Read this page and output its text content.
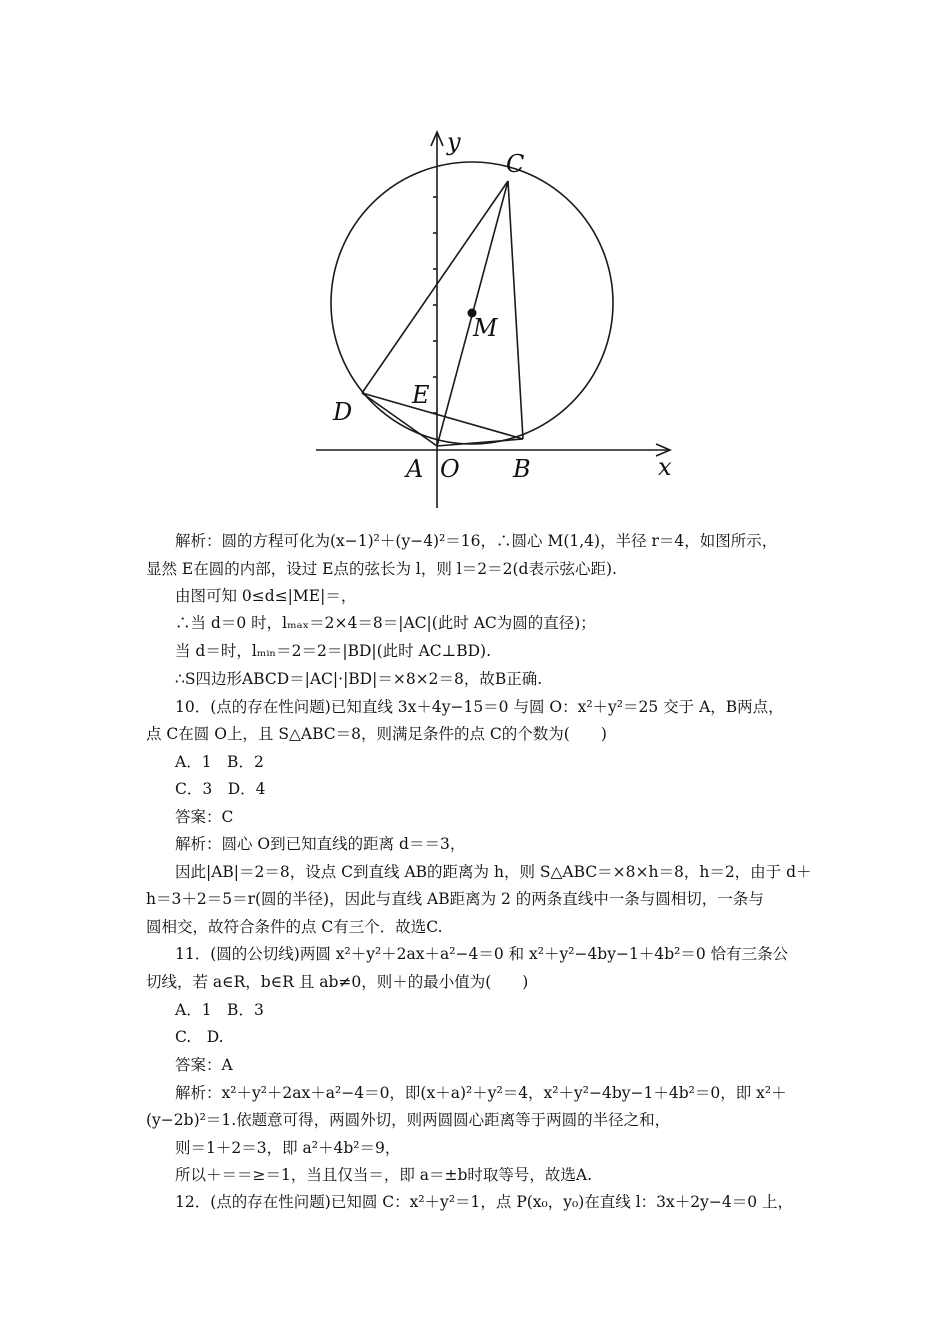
y
x
C
M
D
E
A O B
解析：圆的方程可化为(x−1)²＋(y−4)²＝16，∴圆心 M(1,4)，半径 r＝4，如图所示，
显然 E在圆的内部，设过 E点的弦长为 l，则 l＝2＝2(d表示弦心距).
由图可知 0≤d≤|ME|＝，
∴当 d＝0 时，lₘₐₓ＝2×4＝8＝|AC|(此时 AC为圆的直径)；
当 d＝时，lₘᵢₙ＝2＝2＝|BD|(此时 AC⊥BD).
∴S四边形ABCD＝|AC|·|BD|＝×8×2＝8，故B正确.
10．(点的存在性问题)已知直线 3x＋4y−15＝0 与圆 O：x²＋y²＝25 交于 A，B两点，
点 C在圆 O上，且 S△ABC＝8，则满足条件的点 C的个数为(　　)
A．1　B．2
C．3　D．4
答案：C
解析：圆心 O到已知直线的距离 d＝＝3，
因此|AB|＝2＝8，设点 C到直线 AB的距离为 h，则 S△ABC＝×8×h＝8，h＝2，由于 d＋
h＝3＋2＝5＝r(圆的半径)，因此与直线 AB距离为 2 的两条直线中一条与圆相切，一条与
圆相交，故符合条件的点 C有三个．故选C.
11．(圆的公切线)两圆 x²＋y²＋2ax＋a²−4＝0 和 x²＋y²−4by−1＋4b²＝0 恰有三条公
切线，若 a∈R，b∈R 且 ab≠0，则＋的最小值为(　　)
A．1　B．3
C.　D.
答案：A
解析：x²＋y²＋2ax＋a²−4＝0，即(x＋a)²＋y²＝4，x²＋y²−4by−1＋4b²＝0，即 x²＋
(y−2b)²＝1.依题意可得，两圆外切，则两圆圆心距离等于两圆的半径之和，
则＝1＋2＝3，即 a²＋4b²＝9，
所以＋＝＝≥＝1，当且仅当＝，即 a＝±b时取等号，故选A.
12．(点的存在性问题)已知圆 C：x²＋y²＝1，点 P(x₀，y₀)在直线 l：3x＋2y−4＝0 上，
